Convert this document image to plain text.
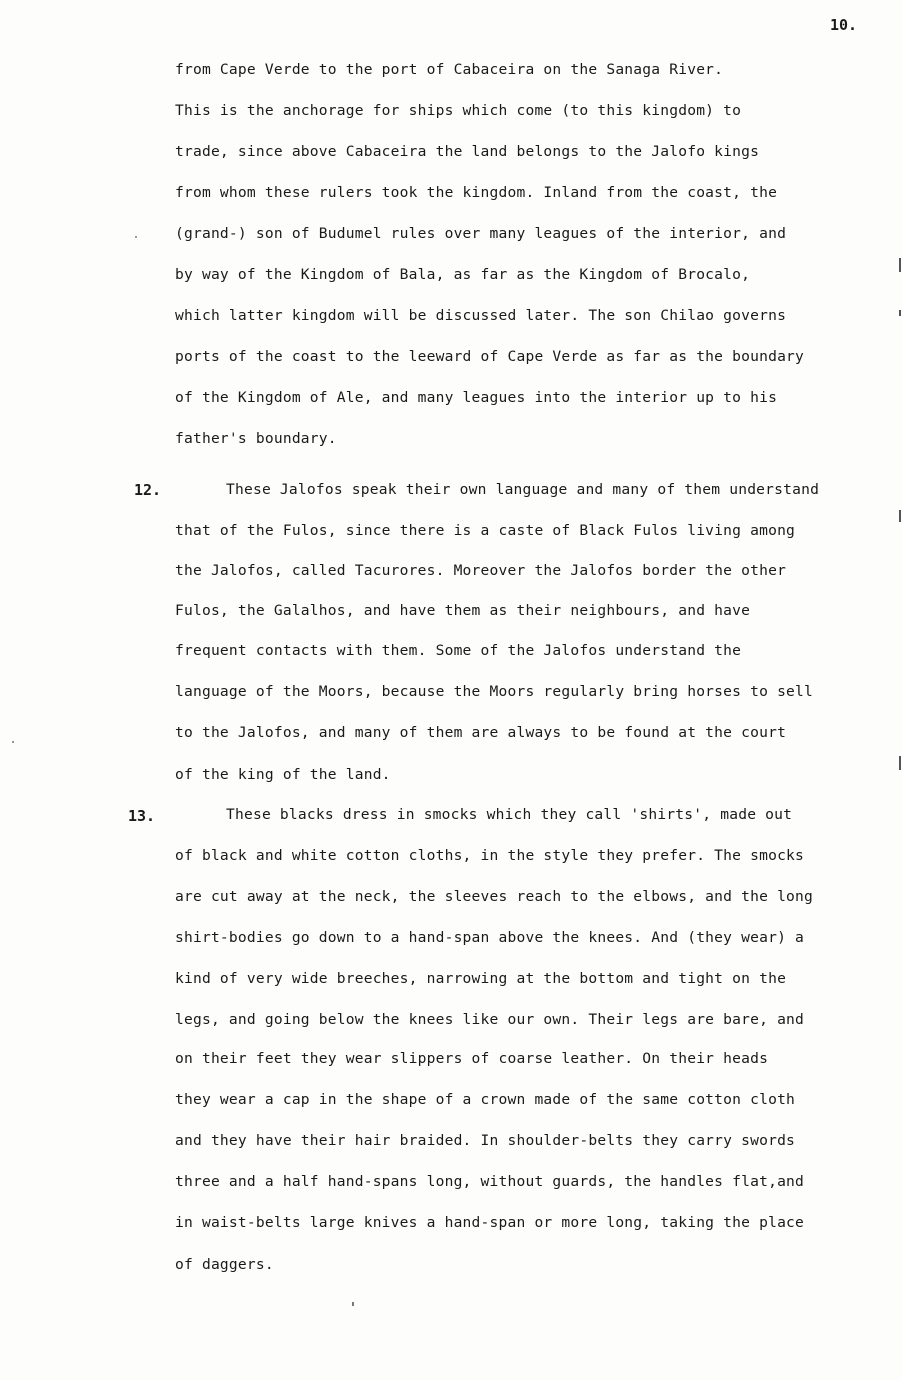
10.
from Cape Verde to the port of Cabaceira on the Sanaga River.
This is the anchorage for ships which come (to this kingdom) to
trade, since above Cabaceira the land belongs to the Jalofo kings
from whom these rulers took the kingdom. Inland from the coast, the
(grand-) son of Budumel rules over many leagues of the interior, and
by way of the Kingdom of Bala, as far as the Kingdom of Brocalo,
which latter kingdom will be discussed later. The son Chilao governs
ports of the coast to the leeward of Cape Verde as far as the boundary
of the Kingdom of Ale, and many leagues into the interior up to his
father's boundary.
12.	These Jalofos speak their own language and many of them understand
that of the Fulos, since there is a caste of Black Fulos living among
the Jalofos, called Tacurores. Moreover the Jalofos border the other
Fulos, the Galalhos, and have them as their neighbours, and have
frequent contacts with them. Some of the Jalofos understand the
language of the Moors, because the Moors regularly bring horses to sell
to the Jalofos, and many of them are always to be found at the court
of the king of the land.
13.	These blacks dress in smocks which they call 'shirts', made out
of black and white cotton cloths, in the style they prefer. The smocks
are cut away at the neck, the sleeves reach to the elbows, and the long
shirt-bodies go down to a hand-span above the knees. And (they wear) a
kind of very wide breeches, narrowing at the bottom and tight on the
legs, and going below the knees like our own. Their legs are bare, and
on their feet they wear slippers of coarse leather. On their heads
they wear a cap in the shape of a crown made of the same cotton cloth
and they have their hair braided. In shoulder-belts they carry swords
three and a half hand-spans long, without guards, the handles flat,and
in waist-belts large knives a hand-span or more long, taking the place
of daggers.
